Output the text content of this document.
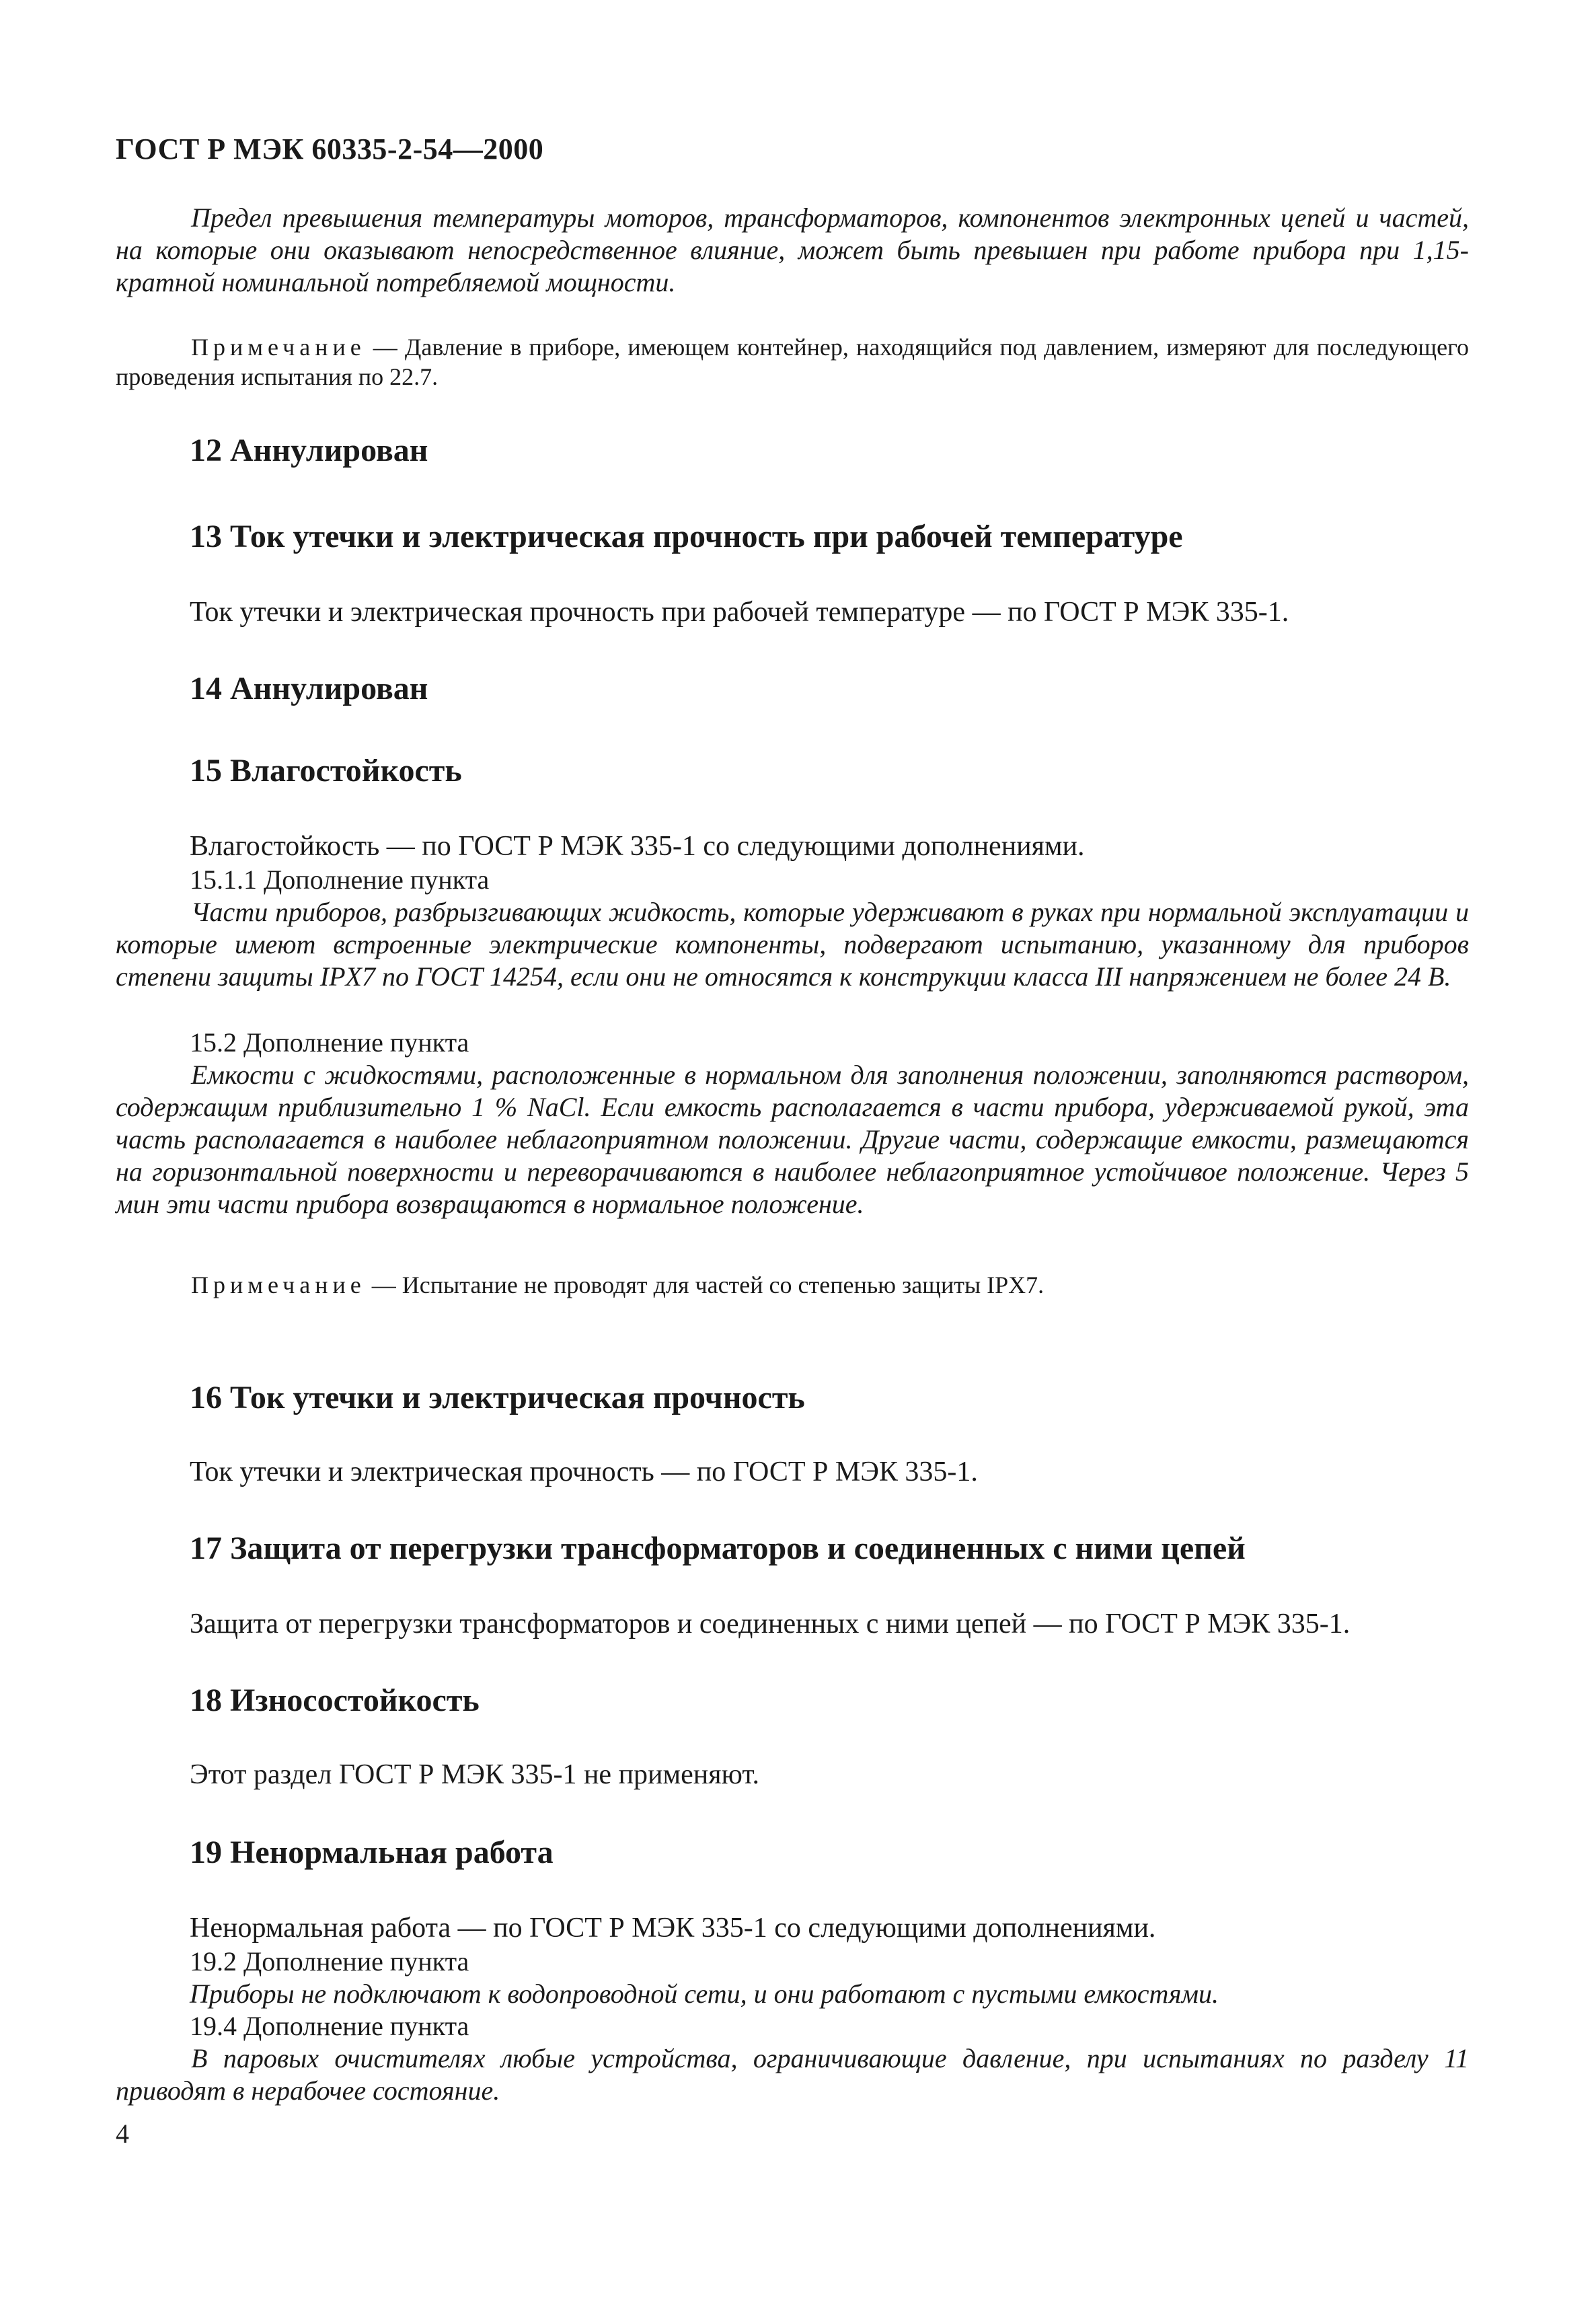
ГОСТ Р МЭК 60335-2-54—2000
Предел превышения температуры моторов, трансформаторов, компонентов электронных цепей и частей, на которые они оказывают непосредственное влияние, может быть превышен при работе прибора при 1,15-кратной номинальной потребляемой мощности.
Примечание — Давление в приборе, имеющем контейнер, находящийся под давлением, измеряют для последующего проведения испытания по 22.7.
12 Аннулирован
13 Ток утечки и электрическая прочность при рабочей температуре
Ток утечки и электрическая прочность при рабочей температуре — по ГОСТ Р МЭК 335-1.
14 Аннулирован
15 Влагостойкость
Влагостойкость — по ГОСТ Р МЭК 335-1 со следующими дополнениями.
15.1.1 Дополнение пункта
Части приборов, разбрызгивающих жидкость, которые удерживают в руках при нормальной эксплуатации и которые имеют встроенные электрические компоненты, подвергают испытанию, указанному для приборов степени защиты IPX7 по ГОСТ 14254, если они не относятся к конструкции класса III напряжением не более 24 В.
15.2 Дополнение пункта
Емкости с жидкостями, расположенные в нормальном для заполнения положении, заполняются раствором, содержащим приблизительно 1 % NaCl. Если емкость располагается в части прибора, удерживаемой рукой, эта часть располагается в наиболее неблагоприятном положении. Другие части, содержащие емкости, размещаются на горизонтальной поверхности и переворачиваются в наиболее неблагоприятное устойчивое положение. Через 5 мин эти части прибора возвращаются в нормальное положение.
Примечание — Испытание не проводят для частей со степенью защиты IPX7.
16 Ток утечки и электрическая прочность
Ток утечки и электрическая прочность — по ГОСТ Р МЭК 335-1.
17 Защита от перегрузки трансформаторов и соединенных с ними цепей
Защита от перегрузки трансформаторов и соединенных с ними цепей — по ГОСТ Р МЭК 335-1.
18 Износостойкость
Этот раздел ГОСТ Р МЭК 335-1 не применяют.
19 Ненормальная работа
Ненормальная работа — по ГОСТ Р МЭК 335-1 со следующими дополнениями.
19.2 Дополнение пункта
Приборы не подключают к водопроводной сети, и они работают с пустыми емкостями.
19.4 Дополнение пункта
В паровых очистителях любые устройства, ограничивающие давление, при испытаниях по разделу 11 приводят в нерабочее состояние.
4
